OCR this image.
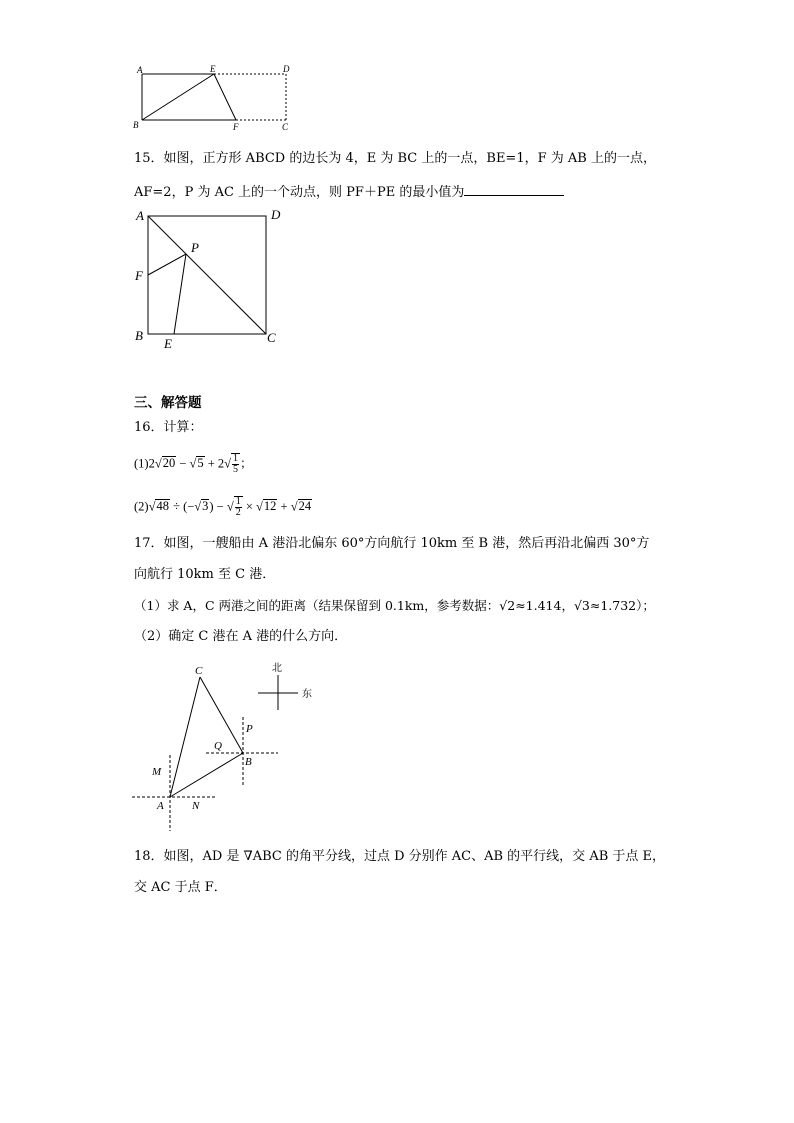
A	E	D
B	F	C
15．如图，正方形 ABCD 的边长为 4，E 为 BC 上的一点，BE=1，F 为 AB 上的一点，
AF=2，P 为 AC 上的一个动点，则 PF＋PE 的最小值为
A	D
P
F
B
E	C
三、解答题
16．计算：
$(1)2√20 - √5 + 2√ \frac{1}{5}$ ；
(2)√48 ÷ (−√3) − √ $\frac{1}{2} \times √12 + √24$
17．如图，一艘船由 A 港沿北偏东 60°方向航行 10km 至 B 港，然后再沿北偏西 30°方
向航行 10km 至 C 港．
（1）求 A，C 两港之间的距离（结果保留到 0.1km，参考数据：√2≈1.414，√3≈1.732）；
（2）确定 C 港在 A 港的什么方向．
北
东
C
P
Q
B
M
A	N
18．如图，AD 是 ∇ABC 的角平分线，过点 D 分别作 AC、AB 的平行线，交 AB 于点 E，
交 AC 于点 F．
